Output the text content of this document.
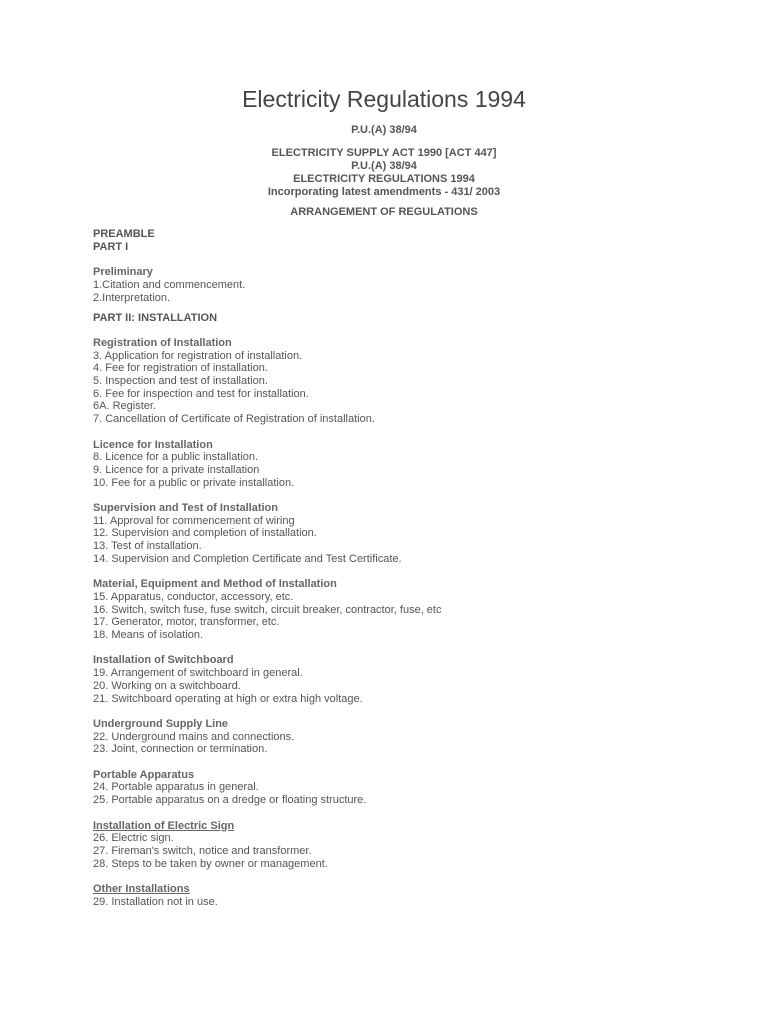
Electricity Regulations 1994
P.U.(A) 38/94
ELECTRICITY SUPPLY ACT 1990 [ACT 447]
P.U.(A) 38/94
ELECTRICITY REGULATIONS 1994
Incorporating latest amendments - 431/ 2003
ARRANGEMENT OF REGULATIONS
PREAMBLE
PART I
Preliminary
1.Citation and commencement.
2.Interpretation.
PART II: INSTALLATION
Registration of Installation
3. Application for registration of installation.
4. Fee for registration of installation.
5. Inspection and test of installation.
6. Fee for inspection and test for installation.
6A. Register.
7. Cancellation of Certificate of Registration of installation.
Licence for Installation
8. Licence for a public installation.
9. Licence for a private installation
10. Fee for a public or private installation.
Supervision and Test of Installation
11. Approval for commencement of wiring
12. Supervision and completion of installation.
13. Test of installation.
14. Supervision and Completion Certificate and Test Certificate.
Material, Equipment and Method of Installation
15. Apparatus, conductor, accessory, etc.
16. Switch, switch fuse, fuse switch, circuit breaker, contractor, fuse, etc
17. Generator, motor, transformer, etc.
18. Means of isolation.
Installation of Switchboard
19. Arrangement of switchboard in general.
20. Working on a switchboard.
21. Switchboard operating at high or extra high voltage.
Underground Supply Line
22. Underground mains and connections.
23. Joint, connection or termination.
Portable Apparatus
24. Portable apparatus in general.
25. Portable apparatus on a dredge or floating structure.
Installation of Electric Sign
26. Electric sign.
27. Fireman's switch, notice and transformer.
28. Steps to be taken by owner or management.
Other Installations
29. Installation not in use.
